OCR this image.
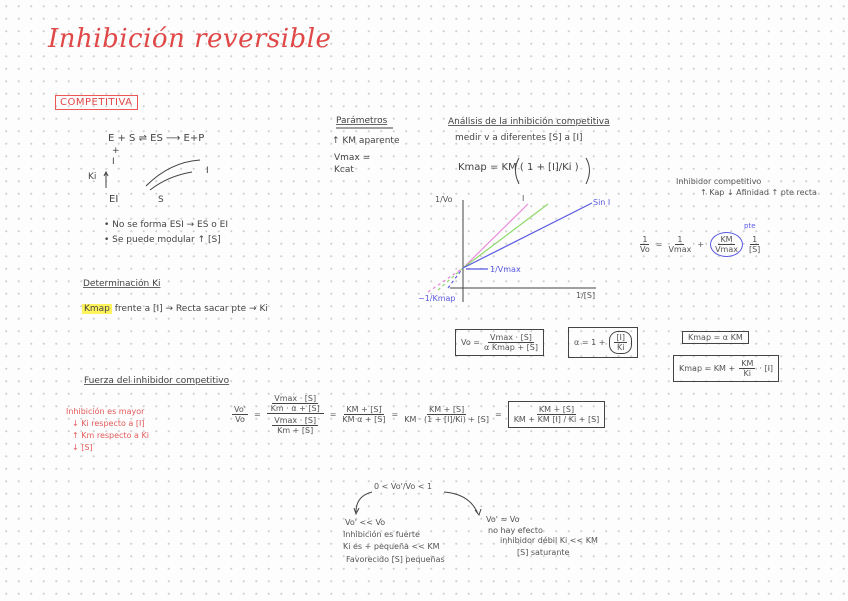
Inhibición reversible
COMPETITIVA
E + S ⇌ ES ⟶ E+P
+
I
Ki
EI
I
S
• No se forma ESI → ES o EI
• Se puede modular ↑ [S]
Parámetros
↑ KM aparente
Vmax =
Kcat
Análisis de la inhibición competitiva
medir v a diferentes [S] a [I]
Kmap = KM ( 1 + [I]/Ki )
1/Vo
1/[S]
1/Vmax
−1/Kmap
I	Sin I
Inhibidor competitivo
↑ Kap ↓ Afinidad ↑ pte recta
$\frac{1}{Vo} = \frac{1}{Vmax} + \frac{KM}{Vmax} \frac{1}{[S]}$
pte
Determinación Ki
Kmap frente a [I] → Recta sacar pte → Ki
$Vo = \frac{Vmax \cdot [S]}{\text{α Kmap + [S]}}$	$\alpha = 1 + \frac{[I]}{Ki}$	Kmap = α KM
Kmap = KM + $\frac{KM}{Ki} \cdot [I]$
Fuerza del inhibidor competitivo
Inhibición es mayor
↓ Ki respecto a [I]
↑ Km respecto a Ki
↓ [S]
$\frac{Vo'}{Vo} = \frac{\frac{Vmax \cdot [S]}{Km \cdot \alpha + [S]}}{\frac{Vmax \cdot [S]}{Km + [S]}} = \frac{KM + [S]}{\text{KM α + [S]}} = \frac{KM + [S]}{KM \cdot (1 + [I]/Ki) + [S]} = \frac{KM + [S]}{KM + KM [I] / Ki + [S]}$
0 < Vo'/Vo < 1
Vo' << Vo
Inhibición es fuerte
Ki es + pequeña << KM
Favorecido [S] pequeñas
Vo' ≈ Vo
no hay efecto
inhibidor débil Ki << KM
[S] saturante
